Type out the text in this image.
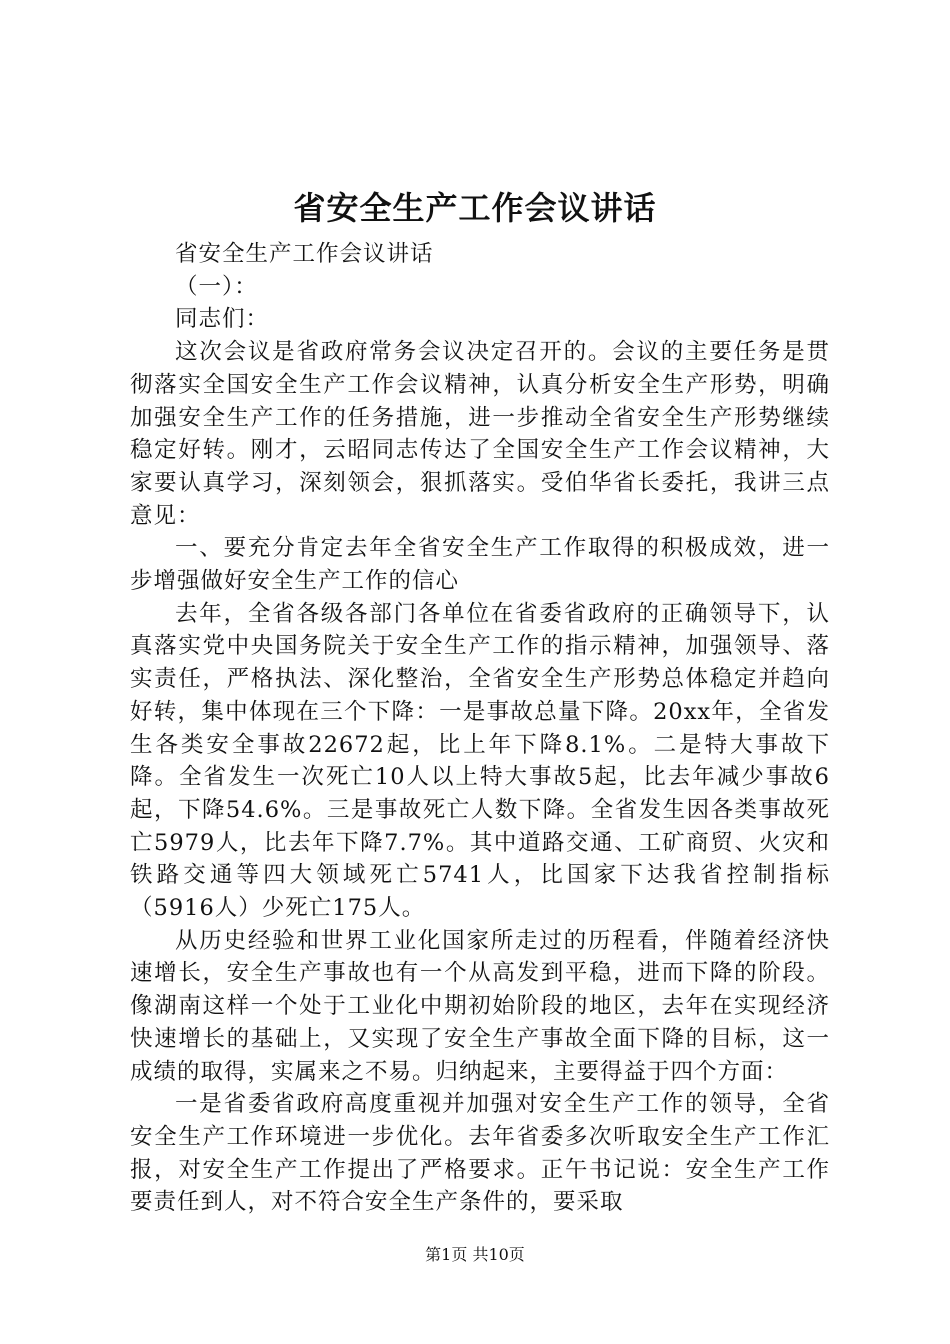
省安全生产工作会议讲话

省安全生产工作会议讲话

（一）：

同志们：

这次会议是省政府常务会议决定召开的。会议的主要任务是贯彻落实全国安全生产工作会议精神，认真分析安全生产形势，明确加强安全生产工作的任务措施，进一步推动全省安全生产形势继续稳定好转。刚才，云昭同志传达了全国安全生产工作会议精神，大家要认真学习，深刻领会，狠抓落实。受伯华省长委托，我讲三点意见：

一、要充分肯定去年全省安全生产工作取得的积极成效，进一步增强做好安全生产工作的信心

去年，全省各级各部门各单位在省委省政府的正确领导下，认真落实党中央国务院关于安全生产工作的指示精神，加强领导、落实责任，严格执法、深化整治，全省安全生产形势总体稳定并趋向好转，集中体现在三个下降：一是事故总量下降。20xx年，全省发生各类安全事故22672起，比上年下降8.1%。二是特大事故下降。全省发生一次死亡10人以上特大事故5起，比去年减少事故6起，下降54.6%。三是事故死亡人数下降。全省发生因各类事故死亡5979人，比去年下降7.7%。其中道路交通、工矿商贸、火灾和铁路交通等四大领域死亡5741人，比国家下达我省控制指标（5916人）少死亡175人。

从历史经验和世界工业化国家所走过的历程看，伴随着经济快速增长，安全生产事故也有一个从高发到平稳，进而下降的阶段。像湖南这样一个处于工业化中期初始阶段的地区，去年在实现经济快速增长的基础上，又实现了安全生产事故全面下降的目标，这一成绩的取得，实属来之不易。归纳起来，主要得益于四个方面：

一是省委省政府高度重视并加强对安全生产工作的领导，全省安全生产工作环境进一步优化。去年省委多次听取安全生产工作汇报，对安全生产工作提出了严格要求。正午书记说：安全生产工作要责任到人，对不符合安全生产条件的，要采取

第1页 共10页
